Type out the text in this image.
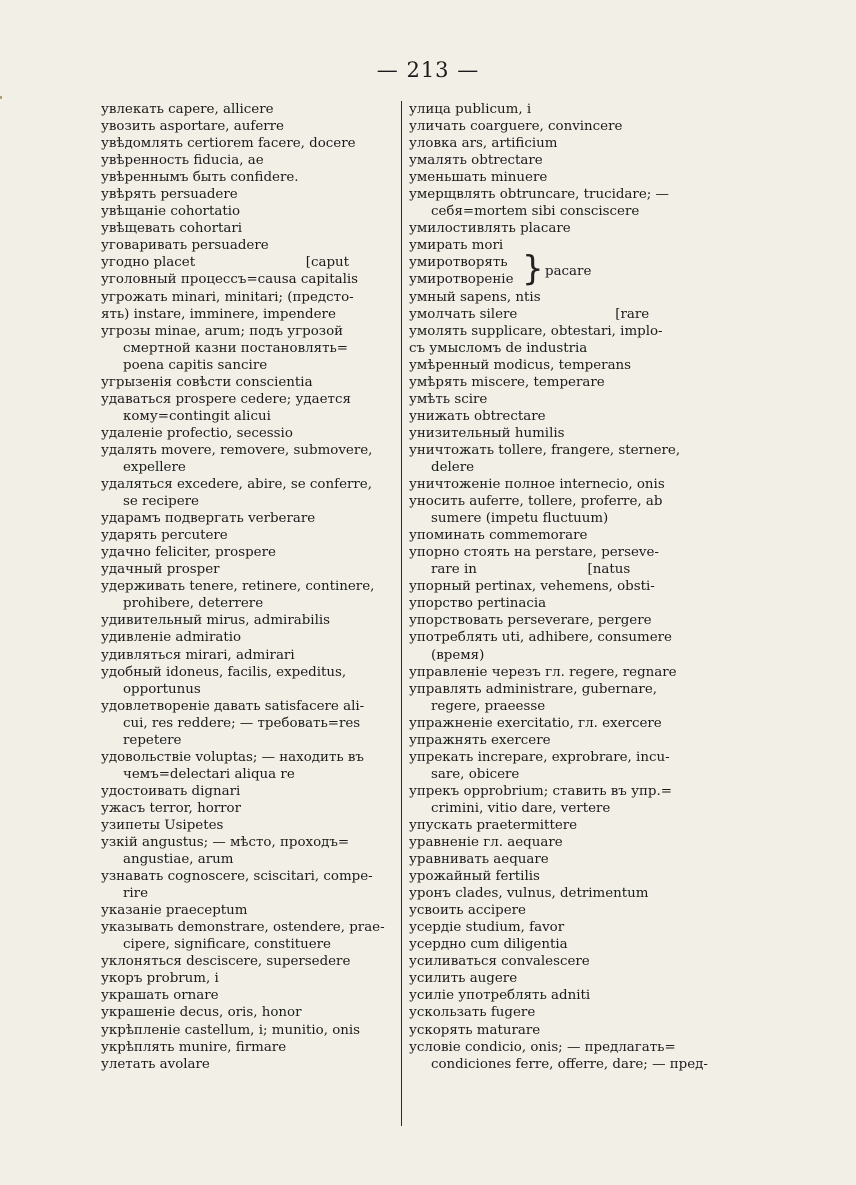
— 213 —
увлекать capere, allicere
увозить asportare, auferre
увѣдомлять certiorem facere, docere
увѣренность fiducia, ae
увѣреннымъ быть confidere.
увѣрять persuadere
увѣщаніе cohortatio
увѣщевать cohortari
уговаривать persuadere
угодно placet                          [caput
уголовный процессъ=causa capitalis
угрожать minari, minitari; (предсто-
ять) instare, imminere, impendere
угрозы minae, arum; подъ угрозой
смертной казни постановлять=
poena capitis sancire
угрызенія совѣсти conscientia
удаваться prospere cedere; удается
кому=contingit alicui
удаленіе profectio, secessio
удалять movere, removere, submovere,
expellere
удаляться excedere, abire, se conferre,
se recipere
ударамъ подвергать verberare
ударять percutere
удачно feliciter, prospere
удачный prosper
удерживать tenere, retinere, continere,
prohibere, deterrere
удивительный mirus, admirabilis
удивленіе admiratio
удивляться mirari, admirari
удобный idoneus, facilis, expeditus,
opportunus
удовлетвореніе давать satisfacere ali-
cui, res reddere; — требовать=res
repetere
удовольствіе voluptas; — находить въ
чемъ=delectari aliqua re
удостоивать dignari
ужасъ terror, horror
узипеты Usipetes
узкій angustus; — мѣсто, проходъ=
angustiae, arum
узнавать cognoscere, sciscitari, compe-
rire
указаніе praeceptum
указывать demonstrare, ostendere, prae-
cipere, significare, constituere
уклоняться desciscere, supersedere
укоръ probrum, i
украшать ornare
украшеніе decus, oris, honor
укрѣпленіе castellum, i; munitio, onis
укрѣплять munire, firmare
улетать avolare
улица publicum, i
уличать coarguere, convincere
уловка ars, artificium
умалять obtrectare
уменьшать minuere
умерщвлять obtruncare, trucidare; —
себя=mortem sibi consciscere
умилостивлять placare
умирать mori
умиротворять } pacare
умиротвореніе
умный sapens, ntis
умолчать silere                       [rare
умолять supplicare, obtestari, implo-
съ умысломъ de industria
умѣренный modicus, temperans
умѣрять miscere, temperare
умѣть scire
унижать obtrectare
унизительный humilis
уничтожать tollere, frangere, sternere,
delere
уничтоженіе полное internecio, onis
уносить auferre, tollere, proferre, ab
sumere (impetu fluctuum)
упоминать commemorare
упорно стоять на perstare, perseve-
rare in                          [natus
упорный pertinax, vehemens, obsti-
упорство pertinacia
упорствовать perseverare, pergere
употреблять uti, adhibere, consumere
(время)
управленіе черезъ гл. regere, regnare
управлять administrare, gubernare,
regere, praeesse
упражненіе exercitatio, гл. exercere
упражнять exercere
упрекать increpare, exprobrare, incu-
sare, obicere
упрекъ opprobrium; ставить въ упр.=
crimini, vitio dare, vertere
упускать praetermittere
уравненіе гл. aequare
уравнивать aequare
урожайный fertilis
уронъ clades, vulnus, detrimentum
усвоить accipere
усердіе studium, favor
усердно cum diligentia
усиливаться convalescere
усилить augere
усиліе употреблять adniti
ускользать fugere
ускорять maturare
условіе condicio, onis; — предлагать=
condiciones ferre, offerre, dare; — пред-
